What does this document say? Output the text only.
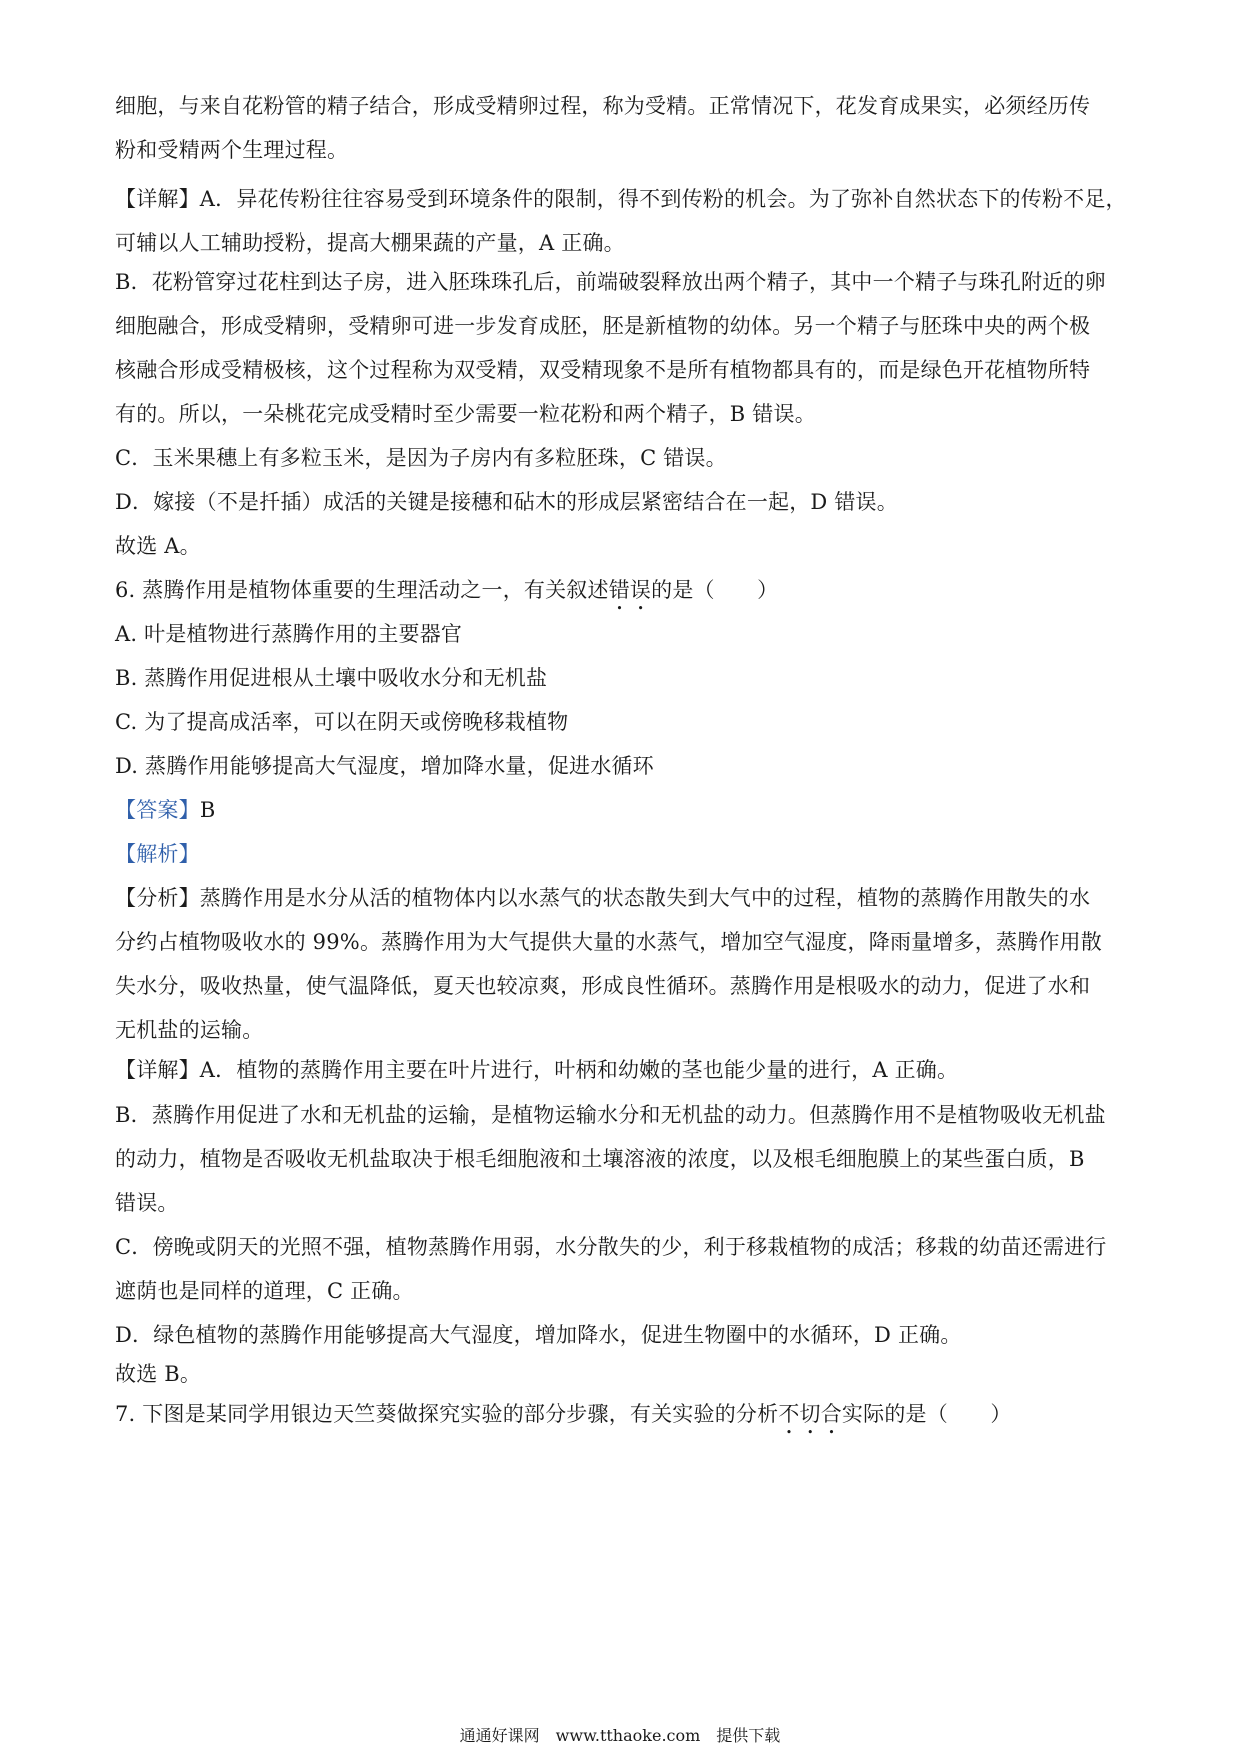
细胞，与来自花粉管的精子结合，形成受精卵过程，称为受精。正常情况下，花发育成果实，必须经历传
粉和受精两个生理过程。
【详解】A．异花传粉往往容易受到环境条件的限制，得不到传粉的机会。为了弥补自然状态下的传粉不足，
可辅以人工辅助授粉，提高大棚果蔬的产量，A 正确。
B．花粉管穿过花柱到达子房，进入胚珠珠孔后，前端破裂释放出两个精子，其中一个精子与珠孔附近的卵
细胞融合，形成受精卵，受精卵可进一步发育成胚，胚是新植物的幼体。另一个精子与胚珠中央的两个极
核融合形成受精极核，这个过程称为双受精，双受精现象不是所有植物都具有的，而是绿色开花植物所特
有的。所以，一朵桃花完成受精时至少需要一粒花粉和两个精子，B 错误。
C．玉米果穗上有多粒玉米，是因为子房内有多粒胚珠，C 错误。
D．嫁接（不是扦插）成活的关键是接穗和砧木的形成层紧密结合在一起，D 错误。
故选 A。
6. 蒸腾作用是植物体重要的生理活动之一，有关叙述错误的是（　　）
A. 叶是植物进行蒸腾作用的主要器官
B. 蒸腾作用促进根从土壤中吸收水分和无机盐
C. 为了提高成活率，可以在阴天或傍晚移栽植物
D. 蒸腾作用能够提高大气湿度，增加降水量，促进水循环
【答案】B
【解析】
【分析】蒸腾作用是水分从活的植物体内以水蒸气的状态散失到大气中的过程，植物的蒸腾作用散失的水
分约占植物吸收水的 99%。蒸腾作用为大气提供大量的水蒸气，增加空气湿度，降雨量增多，蒸腾作用散
失水分，吸收热量，使气温降低，夏天也较凉爽，形成良性循环。蒸腾作用是根吸水的动力，促进了水和
无机盐的运输。
【详解】A．植物的蒸腾作用主要在叶片进行，叶柄和幼嫩的茎也能少量的进行，A 正确。
B．蒸腾作用促进了水和无机盐的运输，是植物运输水分和无机盐的动力。但蒸腾作用不是植物吸收无机盐
的动力，植物是否吸收无机盐取决于根毛细胞液和土壤溶液的浓度，以及根毛细胞膜上的某些蛋白质，B
错误。
C．傍晚或阴天的光照不强，植物蒸腾作用弱，水分散失的少，利于移栽植物的成活；移栽的幼苗还需进行
遮荫也是同样的道理，C 正确。
D．绿色植物的蒸腾作用能够提高大气湿度，增加降水，促进生物圈中的水循环，D 正确。
故选 B。
7. 下图是某同学用银边天竺葵做探究实验的部分步骤，有关实验的分析不切合实际的是（　　）
通通好课网　www.tthaoke.com　提供下载
